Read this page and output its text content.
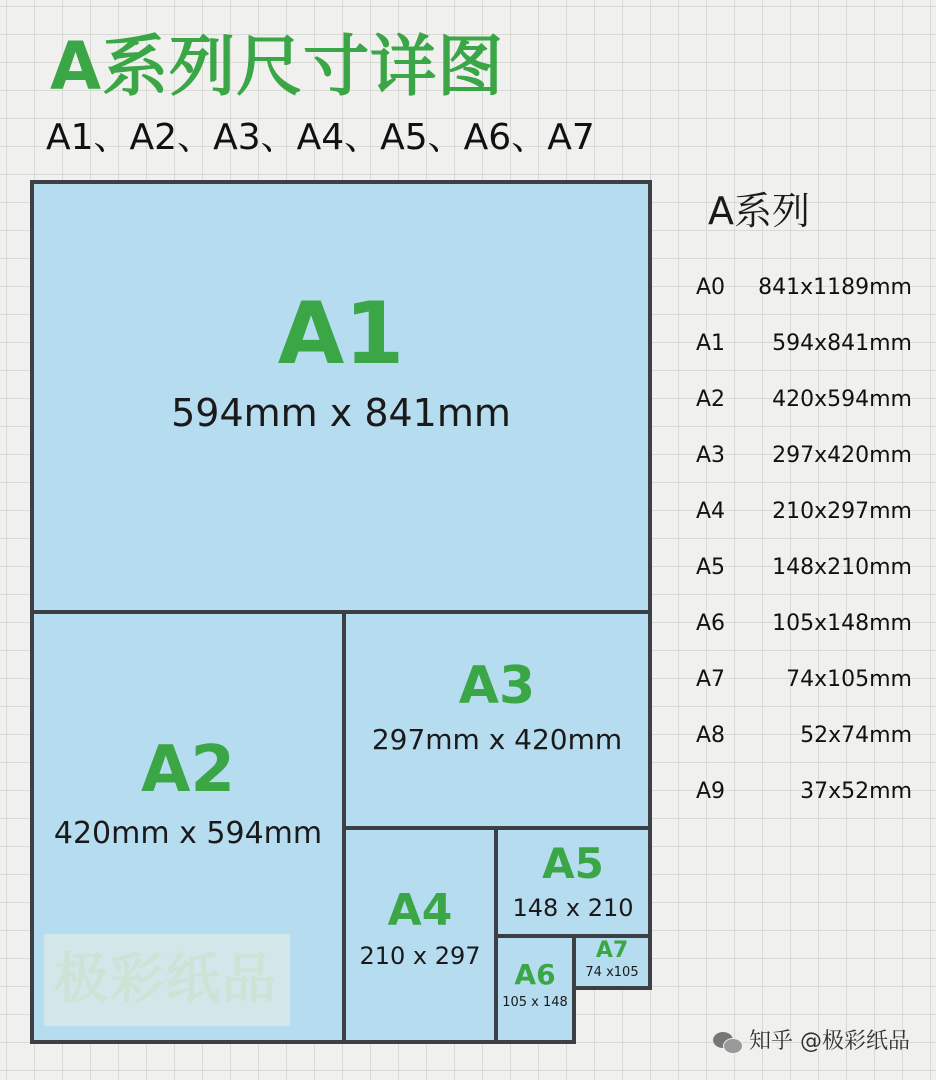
A系列尺寸详图
A1、A2、A3、A4、A5、A6、A7
A1
594mm x 841mm
A2
420mm x 594mm
A3
297mm x 420mm
A4
210 x 297
A5
148 x 210
A6
105 x 148
A7
74 x105
极彩纸品
A系列
A0 841x1189mm
A1 594x841mm
A2 420x594mm
A3 297x420mm
A4 210x297mm
A5 148x210mm
A6 105x148mm
A7	74x105mm
A8	52x74mm
A9	37x52mm
知乎 @极彩纸品
